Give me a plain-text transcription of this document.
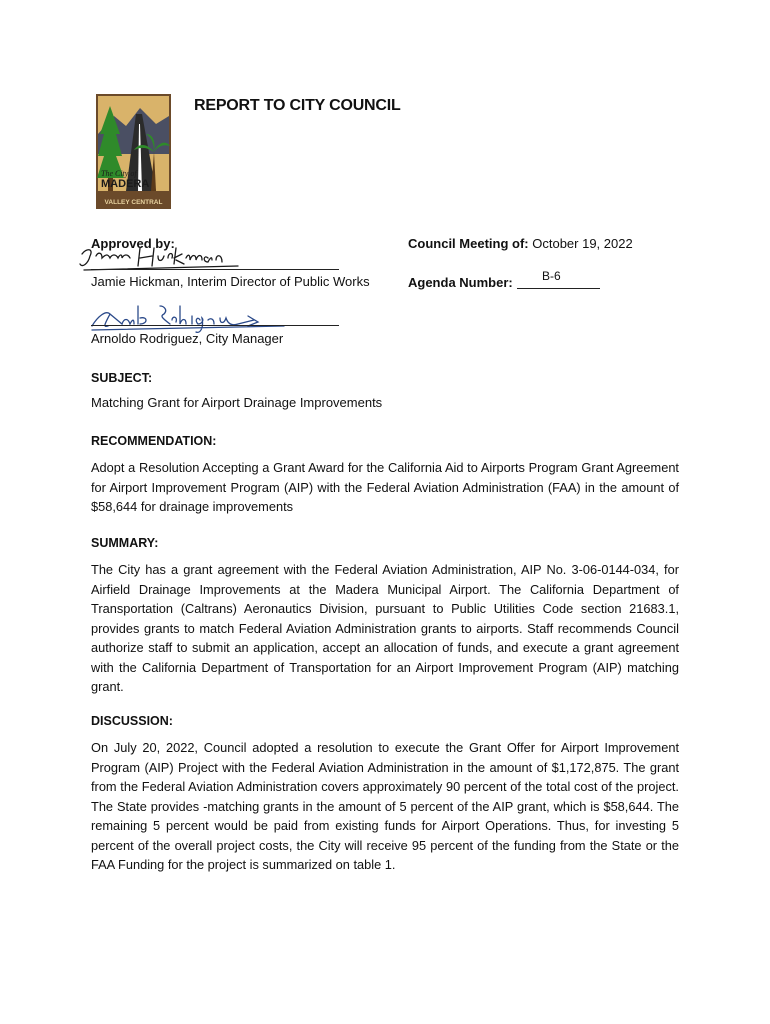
The City of
MADERA
VALLEY CENTRAL
REPORT TO CITY COUNCIL
Approved by:
Jamie Hickman, Interim Director of Public Works
Arnoldo Rodriguez, City Manager
Council Meeting of: October 19, 2022
Agenda Number: B-6
SUBJECT:
Matching Grant for Airport Drainage Improvements
RECOMMENDATION:
Adopt a Resolution Accepting a Grant Award for the California Aid to Airports Program Grant Agreement for Airport Improvement Program (AIP) with the Federal Aviation Administration (FAA) in the amount of $58,644 for drainage improvements
SUMMARY:
The City has a grant agreement with the Federal Aviation Administration, AIP No. 3-06-0144-034, for Airfield Drainage Improvements at the Madera Municipal Airport. The California Department of Transportation (Caltrans) Aeronautics Division, pursuant to Public Utilities Code section 21683.1, provides grants to match Federal Aviation Administration grants to airports. Staff recommends Council authorize staff to submit an application, accept an allocation of funds, and execute a grant agreement with the California Department of Transportation for an Airport Improvement Program (AIP) matching grant.
DISCUSSION:
On July 20, 2022, Council adopted a resolution to execute the Grant Offer for Airport Improvement Program (AIP) Project with the Federal Aviation Administration in the amount of $1,172,875. The grant from the Federal Aviation Administration covers approximately 90 percent of the total cost of the project. The State provides -matching grants in the amount of 5 percent of the AIP grant, which is $58,644. The remaining 5 percent would be paid from existing funds for Airport Operations. Thus, for investing 5 percent of the overall project costs, the City will receive 95 percent of the funding from the State or the FAA Funding for the project is summarized on table 1.
